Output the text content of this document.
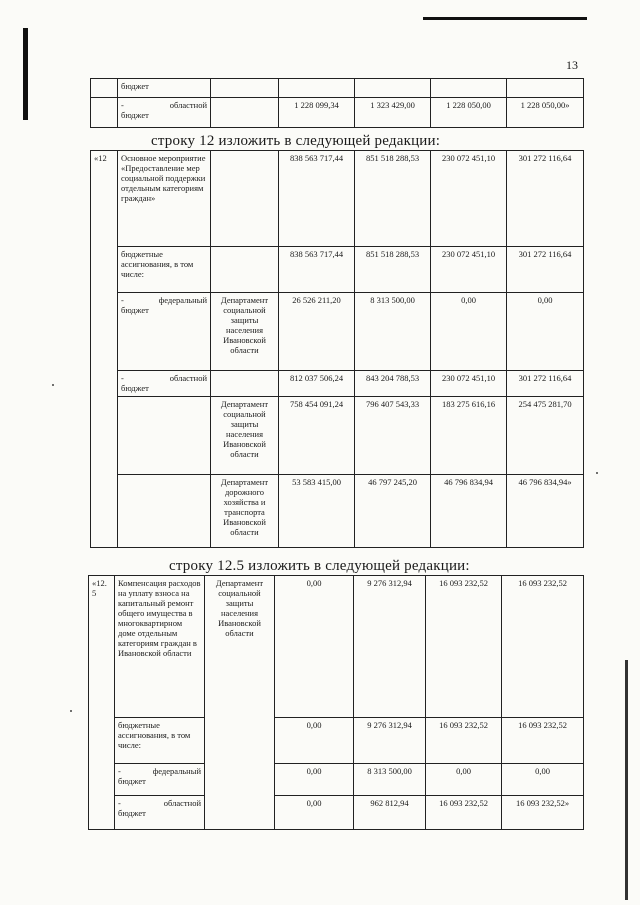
13
	бюджет					

	- областной
бюджет		1 228 099,34	1 323 429,00	1 228 050,00	1 228 050,00»
строку 12 изложить в следующей редакции:
«12	Основное мероприятие «Предоставление мер социальной поддержки отдельным категориям граждан»		838 563 717,44	851 518 288,53	230 072 451,10	301 272 116,64
	бюджетные ассигнования, в том числе:		838 563 717,44	851 518 288,53	230 072 451,10	301 272 116,64

	- федеральный
бюджет	Департамент социальной защиты населения Ивановской области	26 526 211,20	8 313 500,00	0,00	0,00

	- областной
бюджет		812 037 506,24	843 204 788,53	230 072 451,10	301 272 116,64
		Департамент социальной защиты населения Ивановской области	758 454 091,24	796 407 543,33	183 275 616,16	254 475 281,70
		Департамент дорожного хозяйства и транспорта Ивановской области	53 583 415,00	46 797 245,20	46 796 834,94	46 796 834,94»
строку 12.5 изложить в следующей редакции:
«12. 5	Компенсация расходов на уплату взноса на капитальный ремонт общего имущества в многоквартирном доме отдельным категориям граждан в Ивановской области	Департамент социальной защиты населения Ивановской области	0,00	9 276 312,94	16 093 232,52	16 093 232,52
	бюджетные ассигнования, в том числе:		0,00	9 276 312,94	16 093 232,52	16 093 232,52

	- федеральный
бюджет		0,00	8 313 500,00	0,00	0,00

	- областной
бюджет		0,00	962 812,94	16 093 232,52	16 093 232,52»
